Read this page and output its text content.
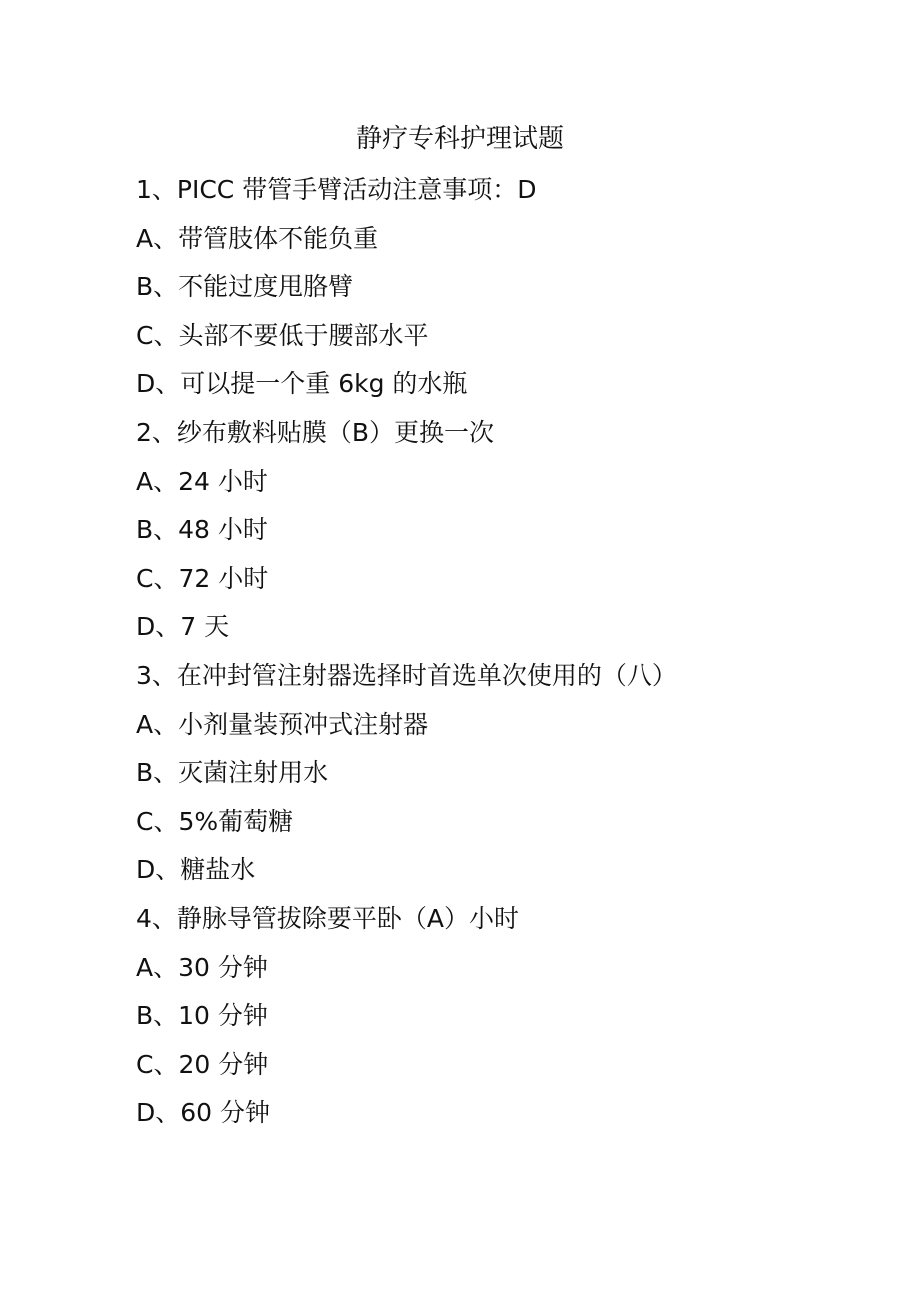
静疗专科护理试题
1、PICC 带管手臂活动注意事项：D
A、带管肢体不能负重
B、不能过度甩胳臂
C、头部不要低于腰部水平
D、可以提一个重 6kg 的水瓶
2、纱布敷料贴膜（B）更换一次
A、24 小时
B、48 小时
C、72 小时
D、7 天
3、在冲封管注射器选择时首选单次使用的（八）
A、小剂量装预冲式注射器
B、灭菌注射用水
C、5%葡萄糖
D、糖盐水
4、静脉导管拔除要平卧（A）小时
A、30 分钟
B、10 分钟
C、20 分钟
D、60 分钟
